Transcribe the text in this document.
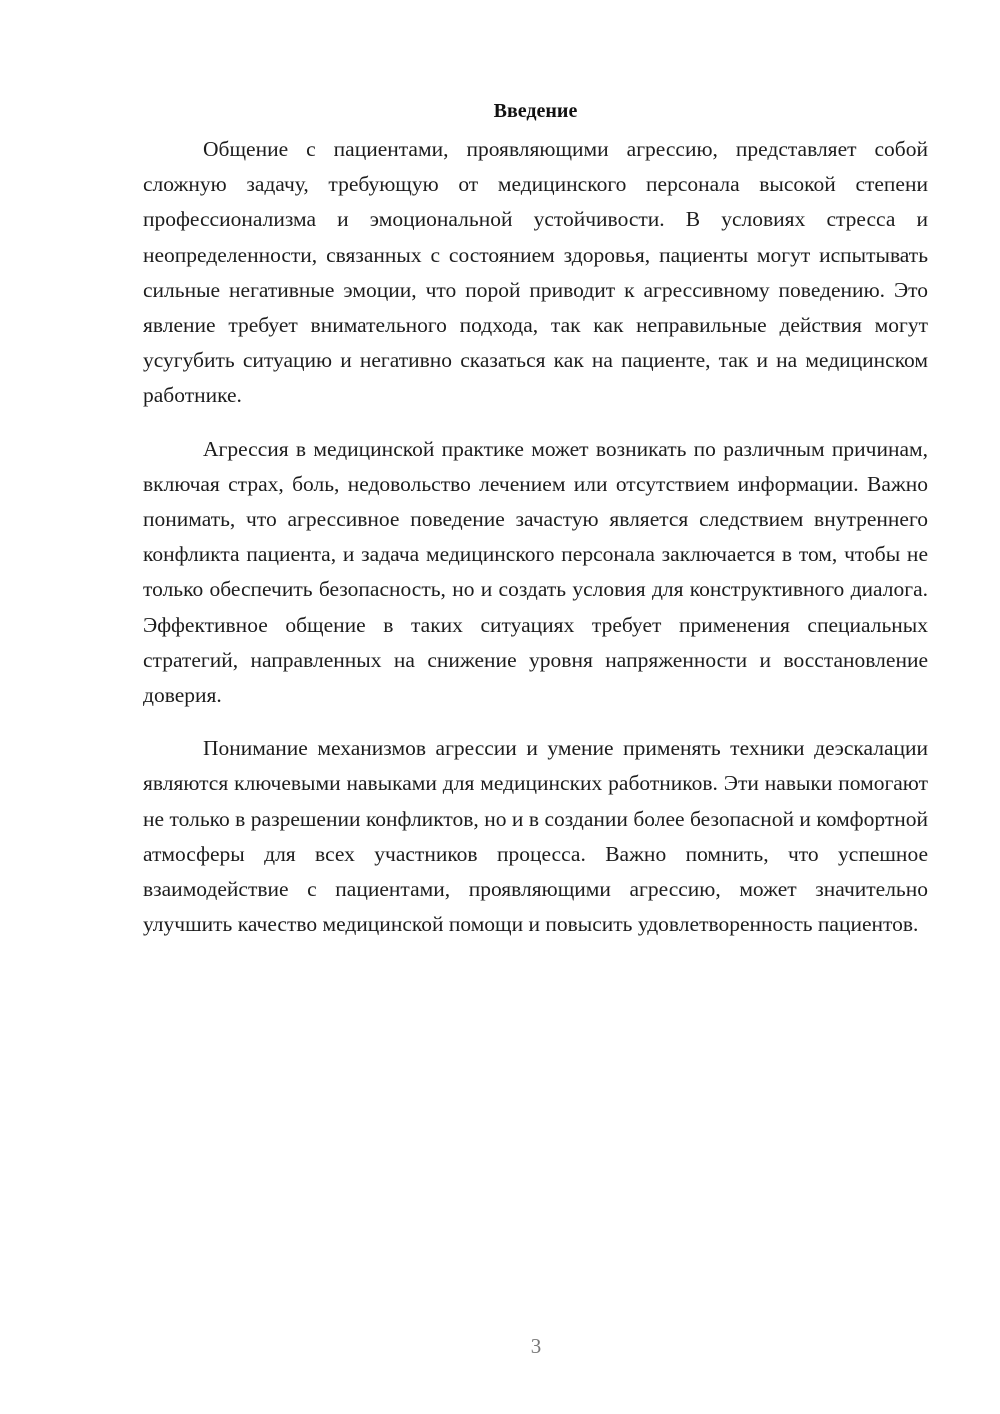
Введение

Общение с пациентами, проявляющими агрессию, представляет собой сложную задачу, требующую от медицинского персонала высокой степени профессионализма и эмоциональной устойчивости. В условиях стресса и неопределенности, связанных с состоянием здоровья, пациенты могут испытывать сильные негативные эмоции, что порой приводит к агрессивному поведению. Это явление требует внимательного подхода, так как неправильные действия могут усугубить ситуацию и негативно сказаться как на пациенте, так и на медицинском работнике.

Агрессия в медицинской практике может возникать по различным причинам, включая страх, боль, недовольство лечением или отсутствием информации. Важно понимать, что агрессивное поведение зачастую является следствием внутреннего конфликта пациента, и задача медицинского персонала заключается в том, чтобы не только обеспечить безопасность, но и создать условия для конструктивного диалога. Эффективное общение в таких ситуациях требует применения специальных стратегий, направленных на снижение уровня напряженности и восстановление доверия.

Понимание механизмов агрессии и умение применять техники деэскалации являются ключевыми навыками для медицинских работников. Эти навыки помогают не только в разрешении конфликтов, но и в создании более безопасной и комфортной атмосферы для всех участников процесса. Важно помнить, что успешное взаимодействие с пациентами, проявляющими агрессию, может значительно улучшить качество медицинской помощи и повысить удовлетворенность пациентов.

3
